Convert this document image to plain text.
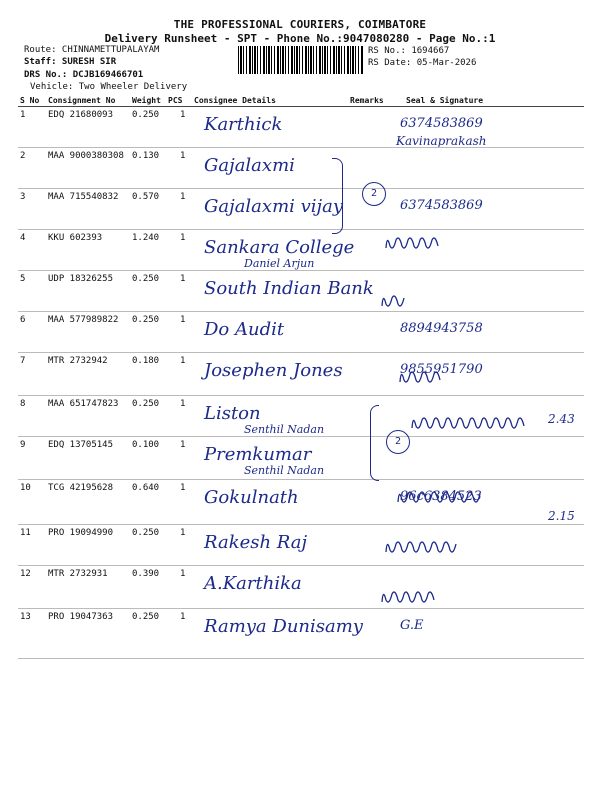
THE PROFESSIONAL COURIERS, COIMBATORE
Delivery Runsheet - SPT - Phone No.:9047080280 - Page No.:1
Route: CHINNAMETTUPALAYAM
Staff: SURESH SIR
DRS No.: DCJB169466701
Vehicle: Two Wheeler Delivery
RS No.: 1694667
RS Date: 05-Mar-2026
S No Consignment No Weight PCS Consignee Details	Remarks	Seal & Signature
1	EDQ 21680093 0.250 1 Karthick	6374583869
Kavinaprakash
2	MAA 9000380308 0.130 1 Gajalaxmi
3	MAA 715540832 0.570 1 Gajalaxmi vijay	6374583869
4	KKU 602393	1.240 1 Sankara College
Daniel Arjun
5	UDP 18326255 0.250 1 South Indian Bank
6	MAA 577989822 0.250 1 Do Audit	8894943758
7	MTR 2732942	0.180 1 Josephen Jones	9855951790
8	MAA 651747823 0.250 1 Liston
Senthil Nadan
9	EDQ 13705145 0.100 1 Premkumar
Senthil Nadan
10 TCG 42195628 0.640 1 Gokulnath	96c6384523
2.15
11 PRO 19094990 0.250 1 Rakesh Raj
12 MTR 2732931	0.390 1 A.Karthika
13 PRO 19047363 0.250 1 Ramya Dunisamy	G.E
2
2
2.43
